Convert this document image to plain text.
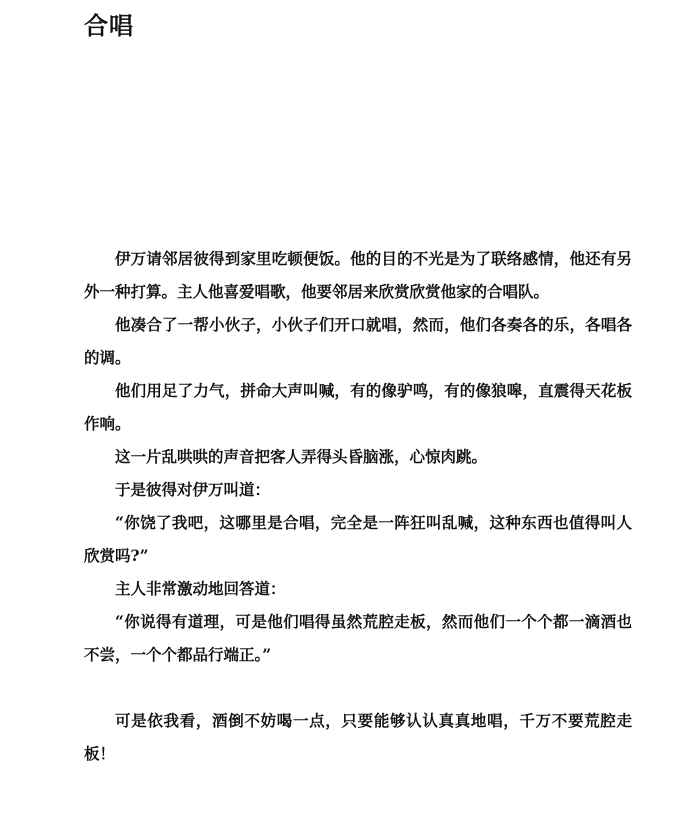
合唱

伊万请邻居彼得到家里吃顿便饭。他的目的不光是为了联络感情，他还有另外一种打算。主人他喜爱唱歌，他要邻居来欣赏欣赏他家的合唱队。

他凑合了一帮小伙子，小伙子们开口就唱，然而，他们各奏各的乐，各唱各的调。

他们用足了力气，拼命大声叫喊，有的像驴鸣，有的像狼嗥，直震得天花板作响。

这一片乱哄哄的声音把客人弄得头昏脑涨，心惊肉跳。

于是彼得对伊万叫道：

“你饶了我吧，这哪里是合唱，完全是一阵狂叫乱喊，这种东西也值得叫人欣赏吗?”

主人非常激动地回答道：

“你说得有道理，可是他们唱得虽然荒腔走板，然而他们一个个都一滴酒也不尝，一个个都品行端正。”

可是依我看，酒倒不妨喝一点，只要能够认认真真地唱，千万不要荒腔走板！
